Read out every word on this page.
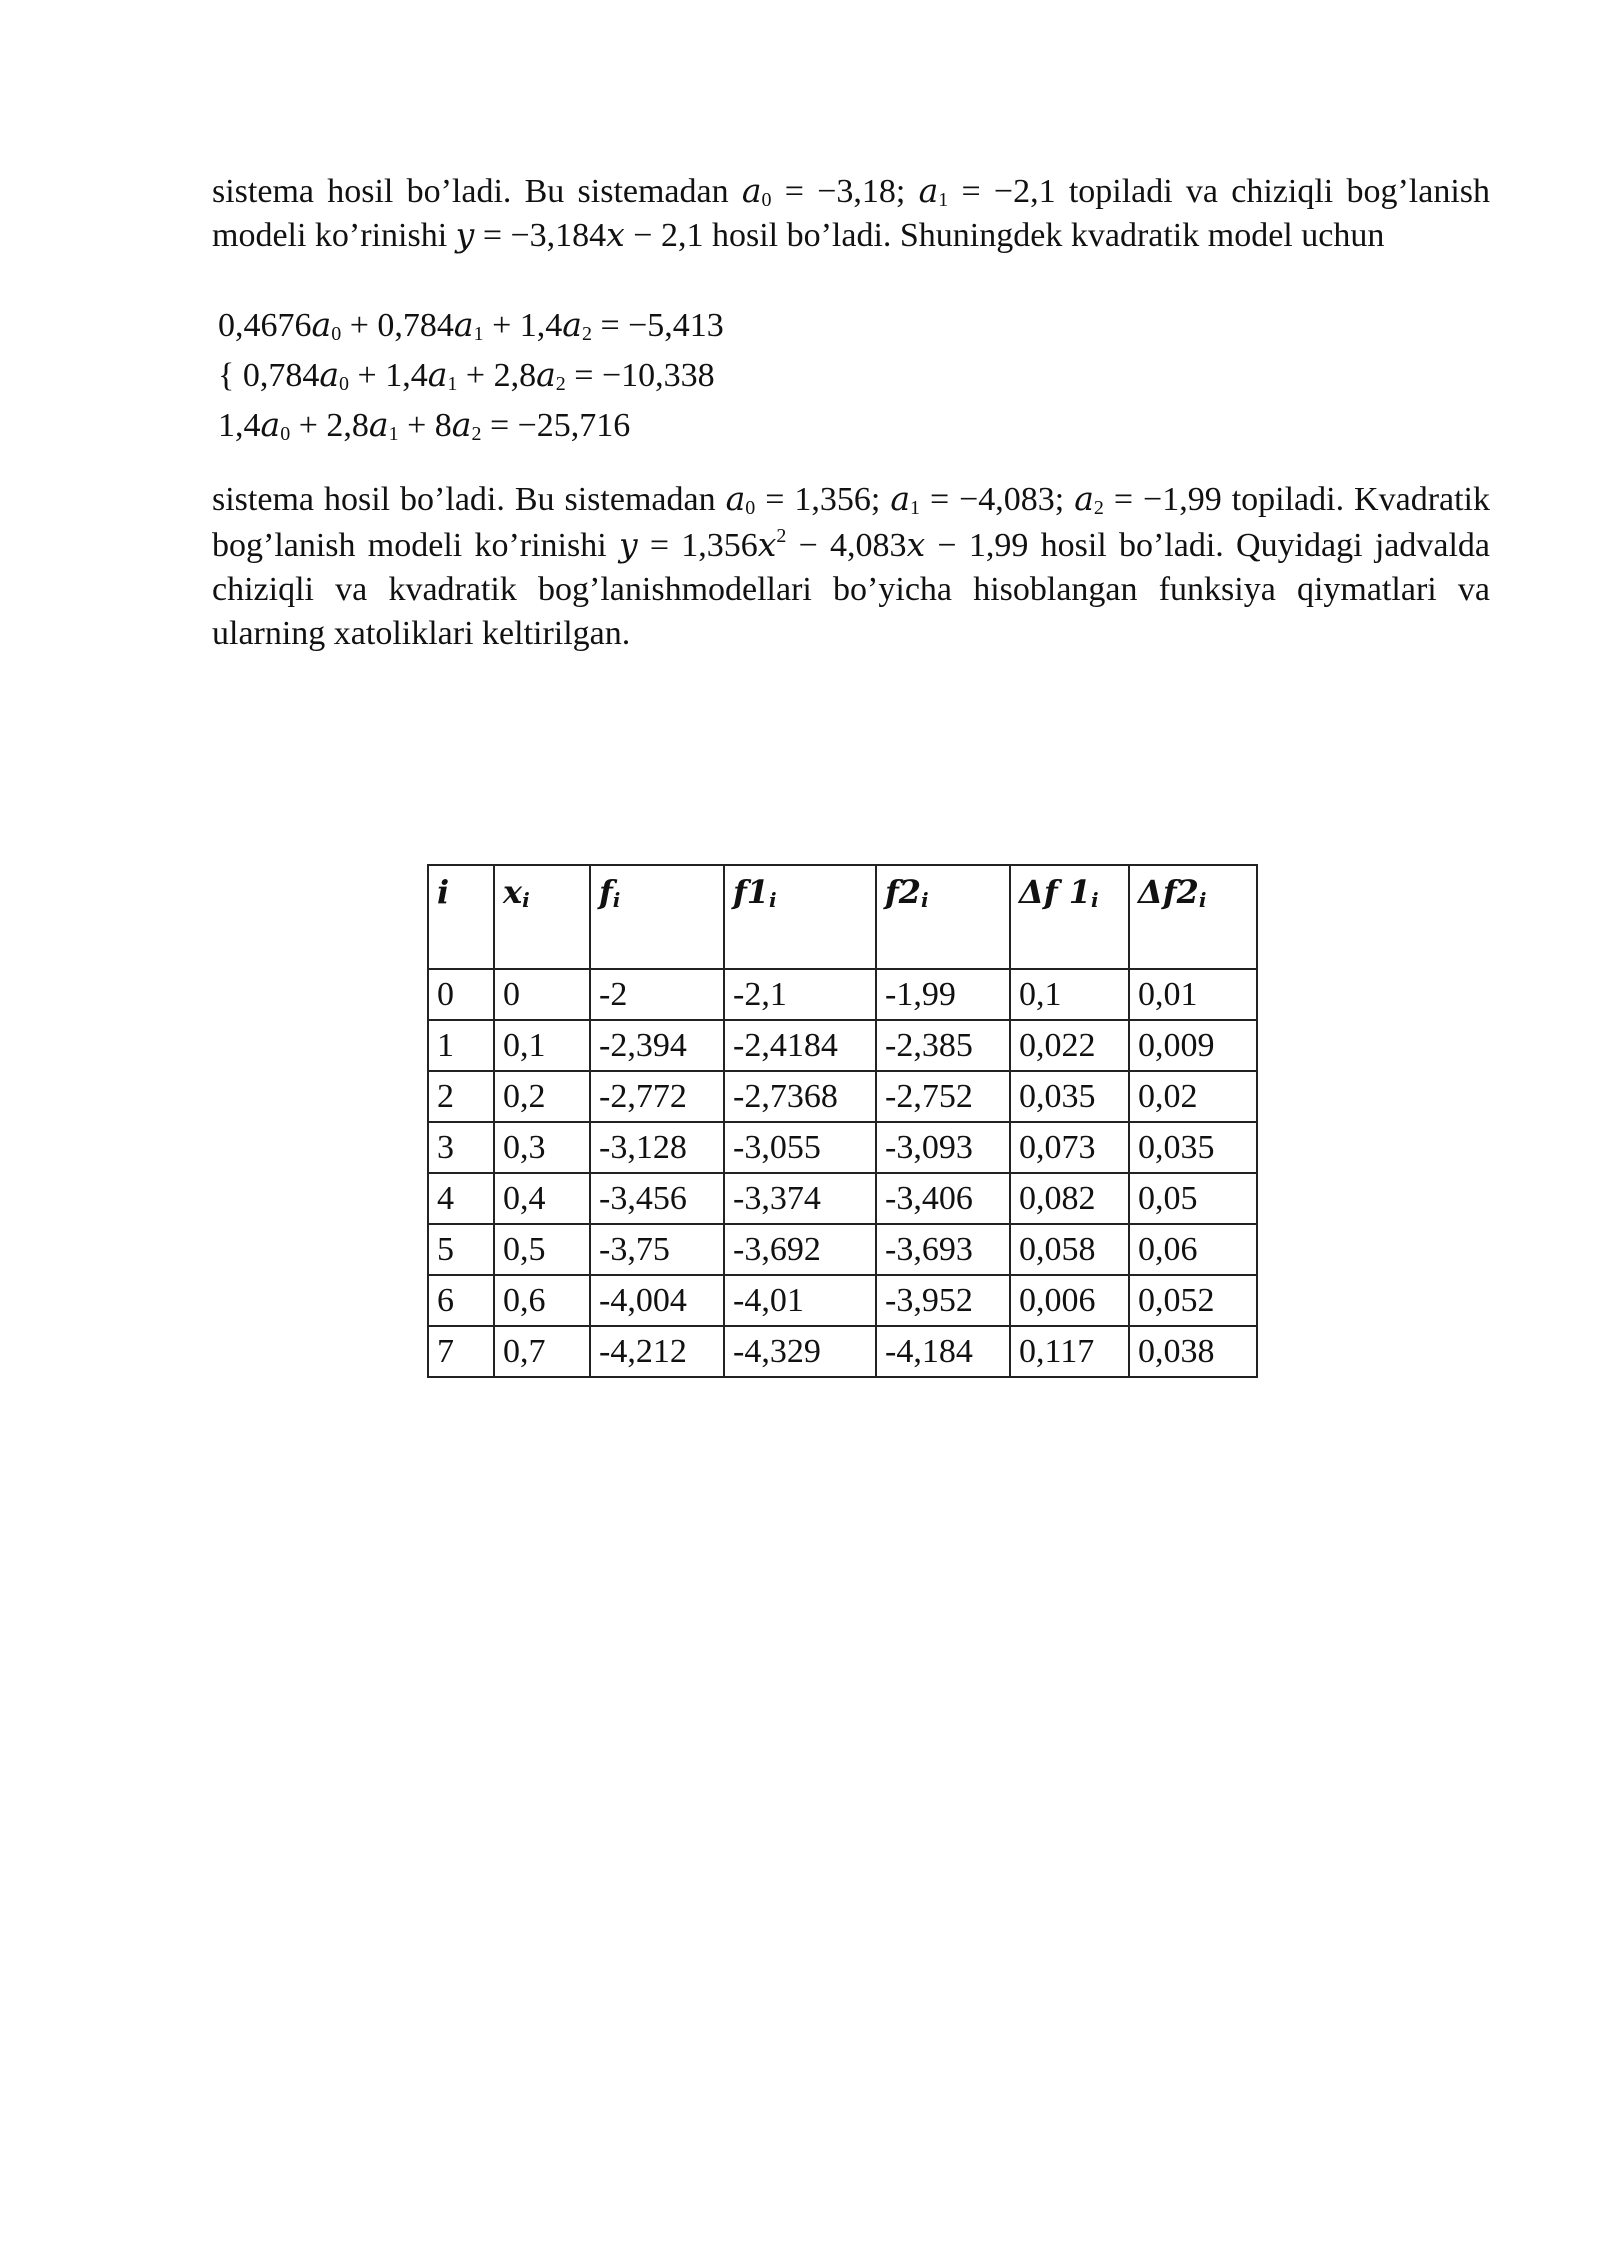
sistema hosil bo’ladi. Bu sistemadan $a_0 = -3,18$; $a_1 = -2,1$ topiladi va chiziqli bog’lanish modeli ko’rinishi y = −3,184x − 2,1 hosil bo’ladi. Shuningdek kvadratik model uchun

$0,4676a_0 + 0,784a_1 + 1,4a_2 = -5,413$
{ $0,784a_0 + 1,4a_1 + 2,8a_2 = -10,338$
$1,4a_0 + 2,8a_1 + 8a_2 = -25,716$

sistema hosil bo’ladi. Bu sistemadan $a_0 = 1,356$; $a_1 = -4,083$; $a_2 = -1,99$ topiladi. Kvadratik bog’lanish modeli ko’rinishi $y = 1,356x^2 - 4,083x - 1,99$ hosil bo’ladi. Quyidagi jadvalda chiziqli va kvadratik bog’lanishmodellari bo’yicha hisoblangan funksiya qiymatlari va ularning xatoliklari keltirilgan.

i	xi	fi	f1i	f2i	Δf 1i	Δf2i
0	0	-2	-2,1	-1,99	0,1	0,01
1	0,1	-2,394	-2,4184	-2,385	0,022	0,009
2	0,2	-2,772	-2,7368	-2,752	0,035	0,02
3	0,3	-3,128	-3,055	-3,093	0,073	0,035
4	0,4	-3,456	-3,374	-3,406	0,082	0,05
5	0,5	-3,75	-3,692	-3,693	0,058	0,06
6	0,6	-4,004	-4,01	-3,952	0,006	0,052
7	0,7	-4,212	-4,329	-4,184	0,117	0,038
